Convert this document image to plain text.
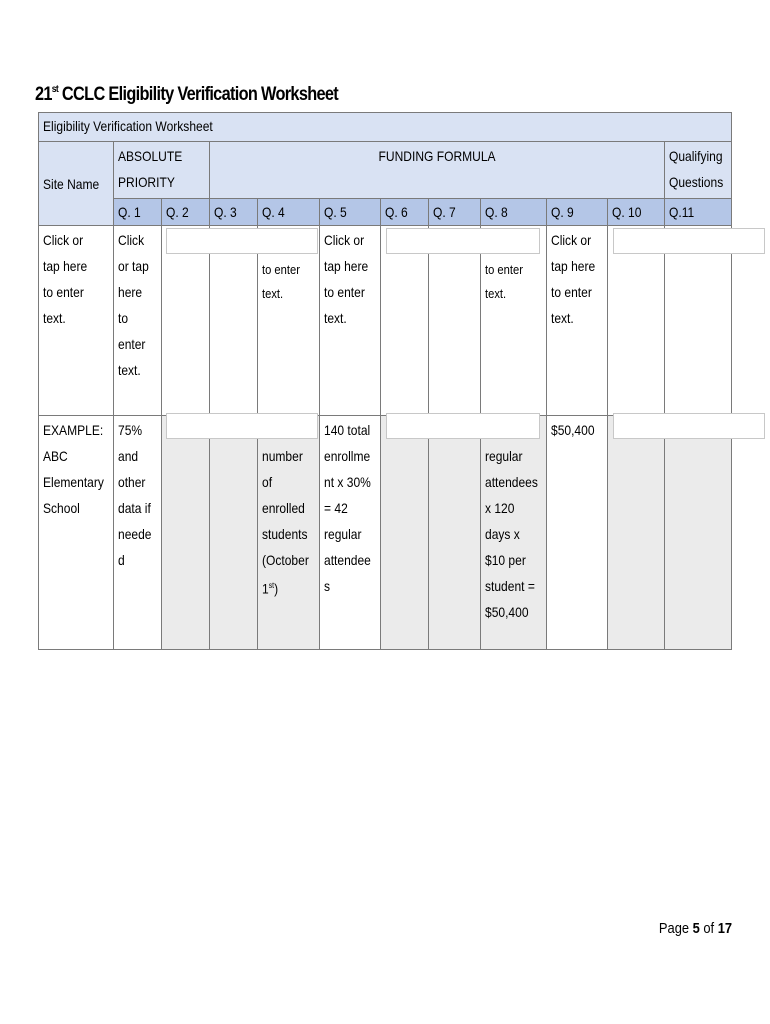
21st CCLC Eligibility Verification Worksheet
Eligibility Verification Worksheet											
Site Name	ABSOLUTE PRIORITY		FUNDING FORMULA								Qualifying Questions
	Q. 1	Q. 2	Q. 3	Q. 4	Q. 5	Q. 6	Q. 7	Q. 8	Q. 9	Q. 10	Q.11
Click or tap here to enter text.	Click or tap here to enter text.			to enter text.	Click or tap here to enter text.			to enter text.	Click or tap here to enter text.		
EXAMPLE: ABC Elementary School	75% and other data if neede d			number of enrolled students (October 1st)	140 total enrollme nt x 30% = 42 regular attendee s			regular attendees x 120 days x $10 per student = $50,400	$50,400		
Page 5 of 17
